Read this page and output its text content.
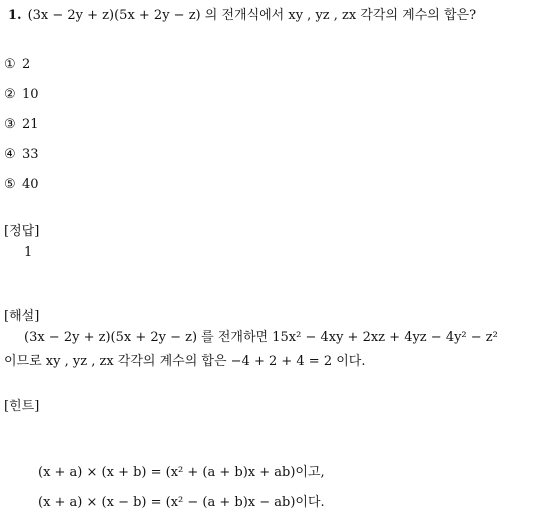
1. (3x − 2y + z)(5x + 2y − z) 의 전개식에서 xy , yz , zx 각각의 계수의 합은?
① 2
② 10
③ 21
④ 33
⑤ 40
[정답]
1
[해설]
(3x − 2y + z)(5x + 2y − z) 를 전개하면 15x² − 4xy + 2xz + 4yz − 4y² − z²
이므로 xy , yz , zx 각각의 계수의 합은 −4 + 2 + 4 = 2 이다.
[힌트]
(x + a) × (x + b) = (x² + (a + b)x + ab)이고,
(x + a) × (x − b) = (x² − (a + b)x − ab)이다.
